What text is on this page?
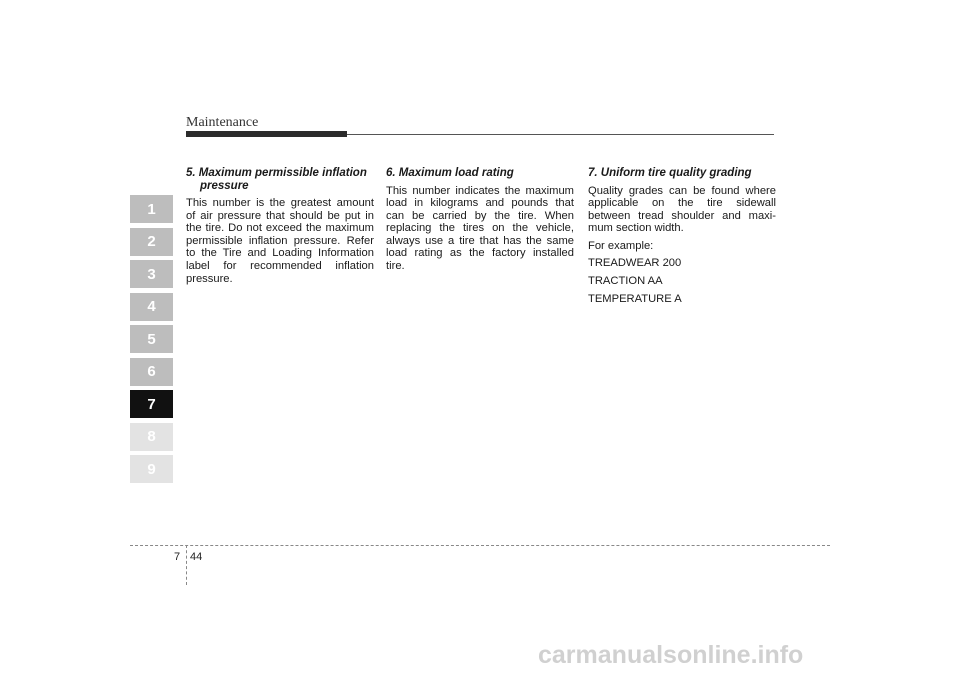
Maintenance
1
2
3
4
5
6
7
8
9
5. Maximum permissible inflation
pressure

This number is the greatest amount of air pressure that should be put in the tire. Do not exceed the maximum permissible inflation pressure. Refer to the Tire and Loading Information label for recommended inflation pressure.

6. Maximum load rating

This number indicates the maximum load in kilograms and pounds that can be carried by the tire. When replacing the tires on the vehicle, always use a tire that has the same load rating as the factory installed tire.

7. Uniform tire quality grading

Quality grades can be found where applicable on the tire sidewall between tread shoulder and maxi-mum section width.

For example:

TREADWEAR 200

TRACTION AA

TEMPERATURE A

7 44
carmanualsonline.info
